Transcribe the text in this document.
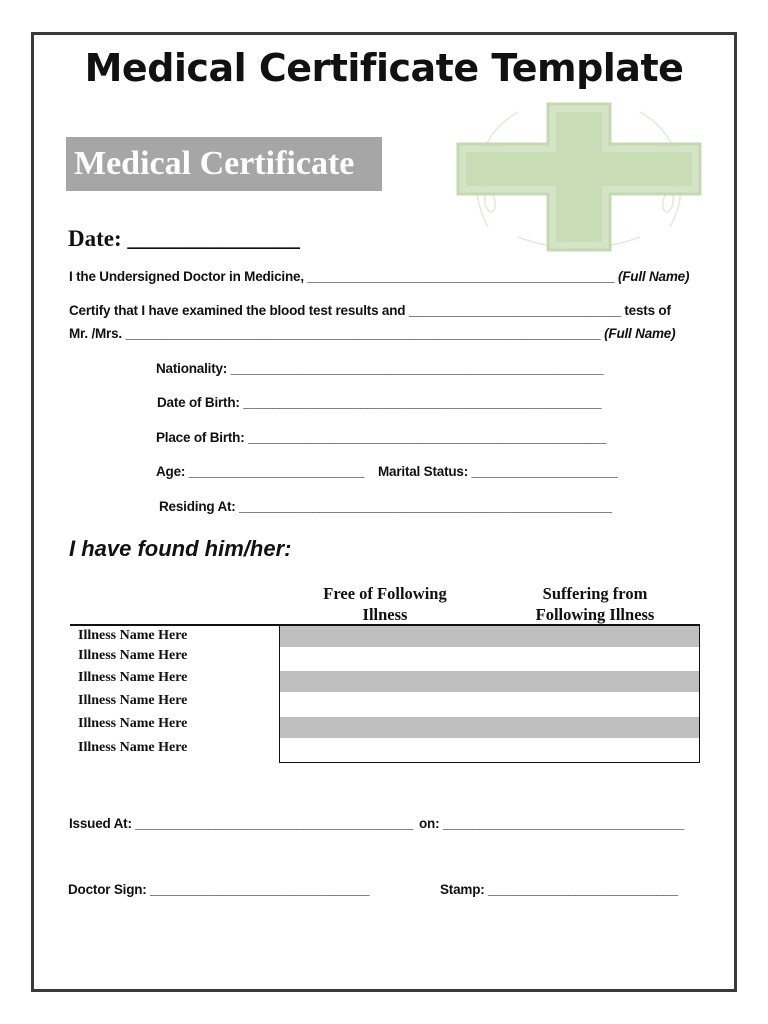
Medical Certificate Template
Medical Certificate
Date: _______________
I the Undersigned Doctor in Medicine, __________________________________________ (Full Name)
Certify that I have examined the blood test results and _____________________________ tests of
Mr. /Mrs. _________________________________________________________________ (Full Name)
Nationality: ___________________________________________________
Date of Birth: _________________________________________________
Place of Birth: _________________________________________________
Age: ________________________ Marital Status: ____________________
Residing At: ___________________________________________________
I have found him/her:
Free of Following
Illness
Suffering from
Following Illness
Illness Name Here
Illness Name Here
Illness Name Here
Illness Name Here
Illness Name Here
Illness Name Here
Issued At: ______________________________________ on: _________________________________
Doctor Sign: ______________________________	Stamp: __________________________
